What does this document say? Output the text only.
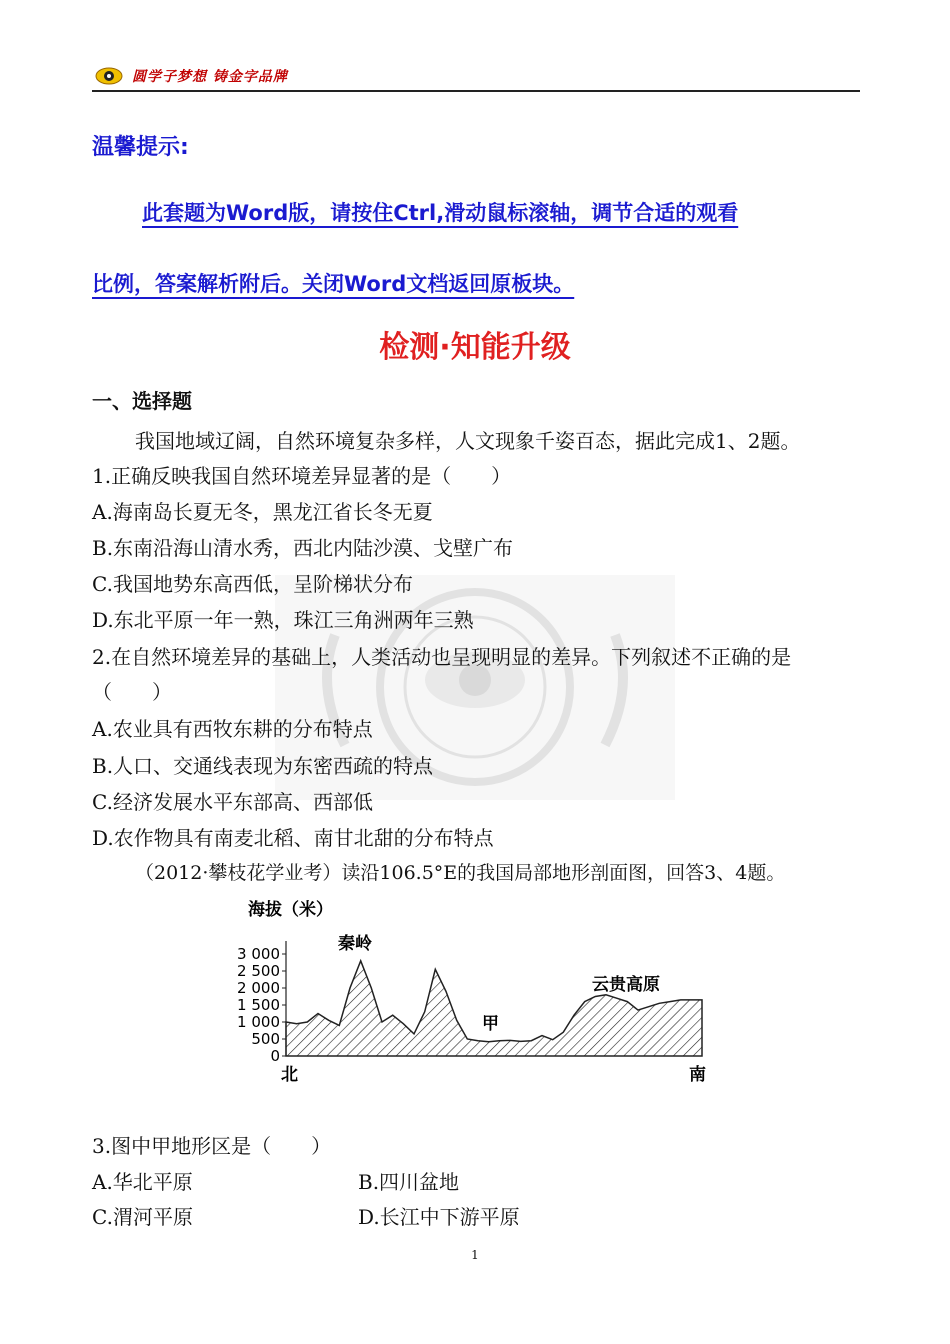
圆学子梦想 铸金字品牌
温馨提示:
此套题为Word版，请按住Ctrl,滑动鼠标滚轴，调节合适的观看
比例，答案解析附后。关闭Word文档返回原板块。
检测·知能升级
一、选择题
我国地域辽阔，自然环境复杂多样，人文现象千姿百态，据此完成1、2题。
1.正确反映我国自然环境差异显著的是（　　）
A.海南岛长夏无冬，黑龙江省长冬无夏
B.东南沿海山清水秀，西北内陆沙漠、戈壁广布
C.我国地势东高西低，呈阶梯状分布
D.东北平原一年一熟，珠江三角洲两年三熟
2.在自然环境差异的基础上，人类活动也呈现明显的差异。下列叙述不正确的是
（　　）
A.农业具有西牧东耕的分布特点
B.人口、交通线表现为东密西疏的特点
C.经济发展水平东部高、西部低
D.农作物具有南麦北稻、南甘北甜的分布特点
（2012·攀枝花学业考）读沿106.5°E的我国局部地形剖面图，回答3、4题。
海拔（米）
3 000
2 500
2 000
1 500
1 000
500
0
秦岭
甲
云贵高原
北	南
3.图中甲地形区是（　　）
A.华北平原	B.四川盆地
C.渭河平原	D.长江中下游平原
1
